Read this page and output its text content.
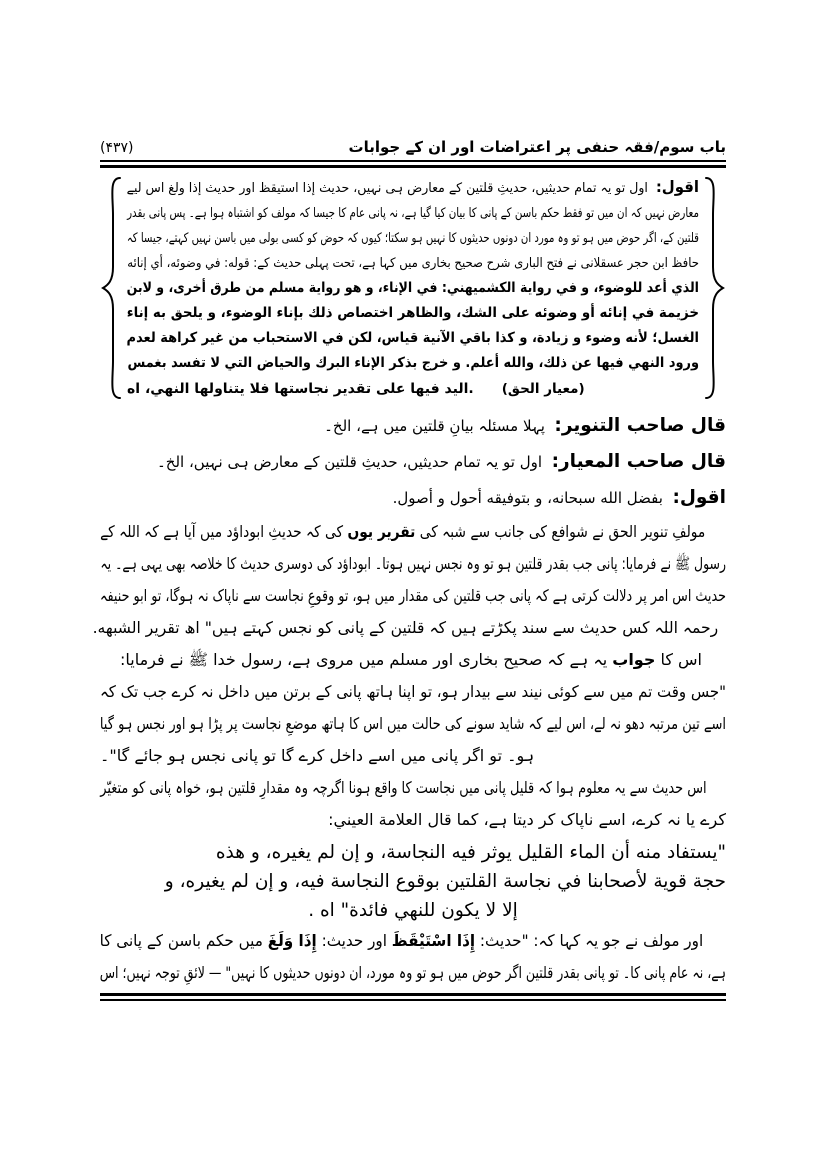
باب سوم/فقہ حنفی پر اعتراضات اور ان کے جوابات
(۴۳۷)
اقول: اول تو یہ تمام حدیثیں، حدیثِ قلتین کے معارض ہی نہیں، حدیث إذا استیقظ اور حدیث إذا ولغ اس لیے
معارض نہیں کہ ان میں تو فقط حکم باسن کے پانی کا بیان کیا گیا ہے، نہ پانی عام کا جیسا کہ مولف کو اشتباہ ہوا ہے۔ پس پانی بقدر
قلتین کے، اگر حوض میں ہو تو وہ مورد ان دونوں حدیثوں کا نہیں ہو سکتا؛ کیوں کہ حوض کو کسی بولی میں باسن نہیں کہتے، جیسا کہ
حافظ ابن حجر عسقلانی نے فتح الباری شرح صحیح بخاری میں کہا ہے، تحت پہلی حدیث کے: قوله: في وضوئه، أي إنائه
الذي أعد للوضوء، و في رواية الكشميهني: في الإناء، و هو رواية مسلم من طرق أخرى، و لابن
خزيمة في إنائه أو وضوئه على الشك، والظاهر اختصاص ذلك بإناء الوضوء، و يلحق به إناء
الغسل؛ لأنه وضوء و زيادة، و كذا باقي الآنية قياس، لكن في الاستحباب من غير كراهة لعدم
ورود النهي فيها عن ذلك، والله أعلم. و خرج بذكر الإناء البرك والحياض التي لا تفسد بغمس
اليد فيها على تقدير نجاستها فلا يتناولها النهي، اه. (معيار الحق)
قال صاحب التنویر: پہلا مسئلہ بیانِ قلتین میں ہے، الخ۔
قال صاحب المعیار: اول تو یہ تمام حدیثیں، حدیثِ قلتین کے معارض ہی نہیں، الخ۔
اقول: بفضل الله سبحانه، و بتوفيقه أحول و أصول.
مولفِ تنویر الحق نے شوافع کی جانب سے شبہ کی تقریر یوں کی کہ حدیثِ ابوداؤد میں آیا ہے کہ اللہ کے
رسول ﷺ نے فرمایا: پانی جب بقدر قلتین ہو تو وہ نجس نہیں ہوتا۔ ابوداؤد کی دوسری حدیث کا خلاصہ بھی یہی ہے۔ یہ
حدیث اس امر پر دلالت کرتی ہے کہ پانی جب قلتین کی مقدار میں ہو، تو وقوعِ نجاست سے ناپاک نہ ہوگا، تو ابو حنیفہ
رحمہ اللہ کس حدیث سے سند پکڑتے ہیں کہ قلتین کے پانی کو نجس کہتے ہیں" اھ تقریر الشبهه.
اس کا جواب یہ ہے کہ صحیح بخاری اور مسلم میں مروی ہے، رسول خدا ﷺ نے فرمایا:
"جس وقت تم میں سے کوئی نیند سے بیدار ہو، تو اپنا ہاتھ پانی کے برتن میں داخل نہ کرے جب تک کہ
اسے تین مرتبہ دھو نہ لے، اس لیے کہ شاید سونے کی حالت میں اس کا ہاتھ موضعِ نجاست پر پڑا ہو اور نجس ہو گیا
ہو۔ تو اگر پانی میں اسے داخل کرے گا تو پانی نجس ہو جائے گا"۔
اس حدیث سے یہ معلوم ہوا کہ قلیل پانی میں نجاست کا واقع ہونا اگرچہ وہ مقدارِ قلتین ہو، خواہ پانی کو متغیّر
کرے یا نہ کرے، اسے ناپاک کر دیتا ہے، کما قال العلامة العيني:
"يستفاد منه أن الماء القليل يوثر فيه النجاسة، و إن لم يغيره، و هذه
حجة قوية لأصحابنا في نجاسة القلتين بوقوع النجاسة فيه، و إن لم يغيره، و
إلا لا يكون للنهي فائدة" اه .
اور مولف نے جو یہ کہا کہ: "حدیث: إِذَا اسْتَيْقَظَ اور حدیث: إِذَا وَلَغَ میں حکم باسن کے پانی کا
ہے، نہ عام پانی کا۔ تو پانی بقدر قلتین اگر حوض میں ہو تو وہ مورد، ان دونوں حدیثوں کا نہیں" — لائقِ توجہ نہیں؛ اس
